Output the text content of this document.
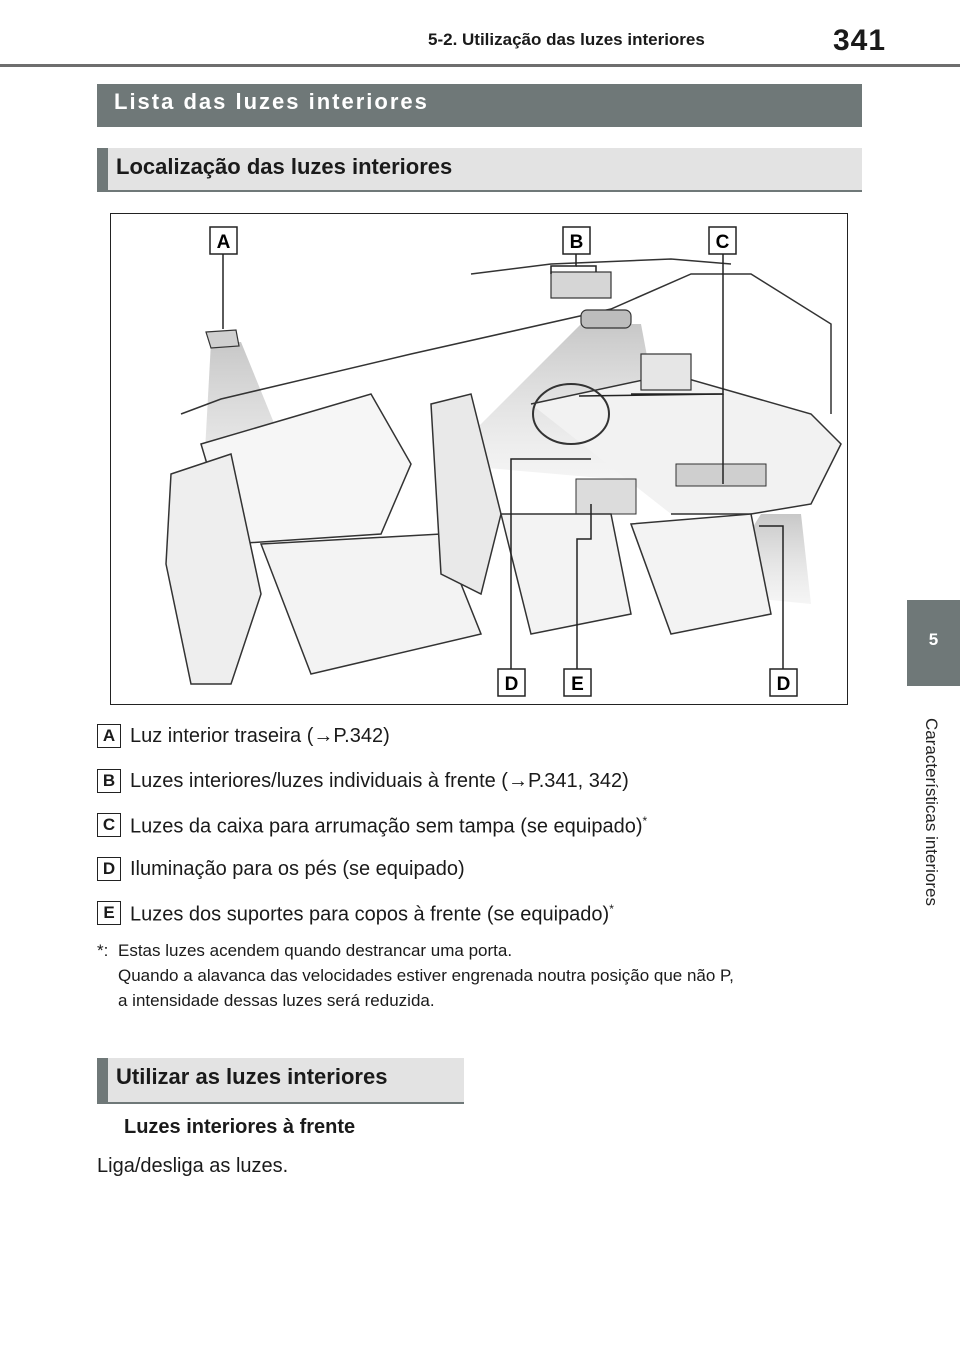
5-2. Utilização das luzes interiores	341
5
Características interiores
Lista das luzes interiores
Localização das luzes interiores
A	B	C
D	E	D
A Luz interior traseira (→P.342)
B Luzes interiores/luzes individuais à frente (→P.341, 342)
C Luzes da caixa para arrumação sem tampa (se equipado)*
D Iluminação para os pés (se equipado)
E Luzes dos suportes para copos à frente (se equipado)*
*: Estas luzes acendem quando destrancar uma porta.
Quando a alavanca das velocidades estiver engrenada noutra posição que não P,
a intensidade dessas luzes será reduzida.
Utilizar as luzes interiores
Luzes interiores à frente
Liga/desliga as luzes.
